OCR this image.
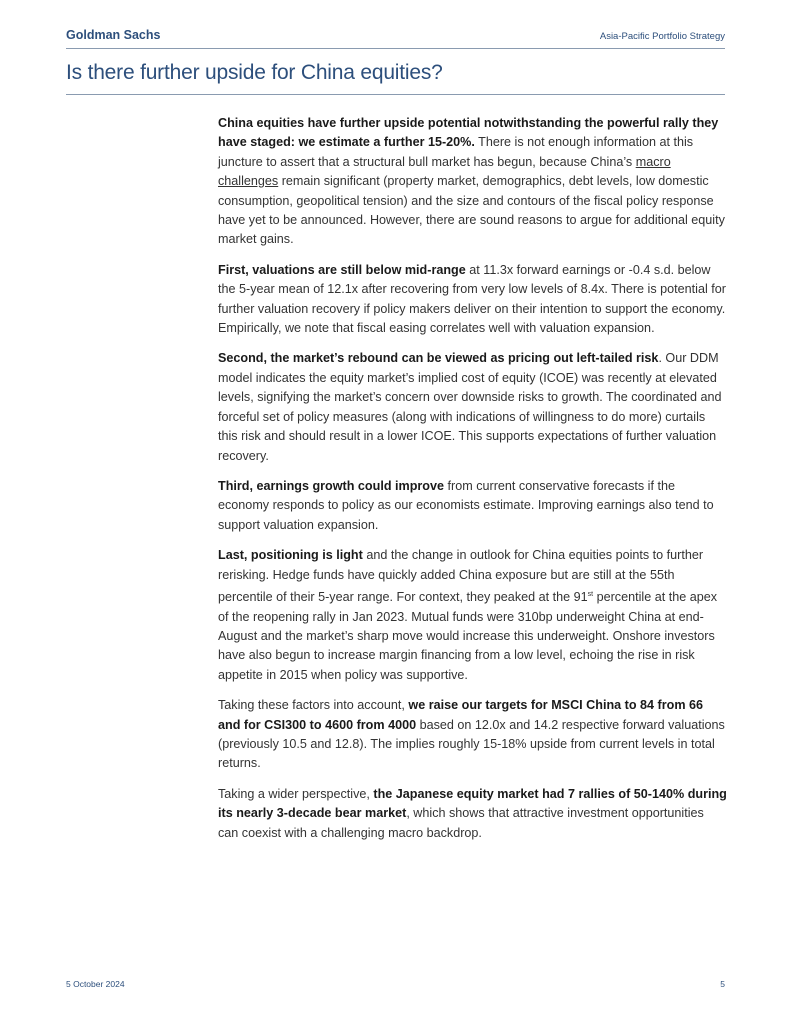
Goldman Sachs	Asia-Pacific Portfolio Strategy
Is there further upside for China equities?

China equities have further upside potential notwithstanding the powerful rally they have staged: we estimate a further 15-20%. There is not enough information at this juncture to assert that a structural bull market has begun, because China’s macro challenges remain significant (property market, demographics, debt levels, low domestic consumption, geopolitical tension) and the size and contours of the fiscal policy response have yet to be announced. However, there are sound reasons to argue for additional equity market gains.

First, valuations are still below mid-range at 11.3x forward earnings or -0.4 s.d. below the 5-year mean of 12.1x after recovering from very low levels of 8.4x. There is potential for further valuation recovery if policy makers deliver on their intention to support the economy. Empirically, we note that fiscal easing correlates well with valuation expansion.

Second, the market’s rebound can be viewed as pricing out left-tailed risk. Our DDM model indicates the equity market’s implied cost of equity (ICOE) was recently at elevated levels, signifying the market’s concern over downside risks to growth. The coordinated and forceful set of policy measures (along with indications of willingness to do more) curtails this risk and should result in a lower ICOE. This supports expectations of further valuation recovery.

Third, earnings growth could improve from current conservative forecasts if the economy responds to policy as our economists estimate. Improving earnings also tend to support valuation expansion.

Last, positioning is light and the change in outlook for China equities points to further rerisking. Hedge funds have quickly added China exposure but are still at the 55th percentile of their 5-year range. For context, they peaked at the 91st percentile at the apex of the reopening rally in Jan 2023. Mutual funds were 310bp underweight China at end-August and the market’s sharp move would increase this underweight. Onshore investors have also begun to increase margin financing from a low level, echoing the rise in risk appetite in 2015 when policy was supportive.

Taking these factors into account, we raise our targets for MSCI China to 84 from 66 and for CSI300 to 4600 from 4000 based on 12.0x and 14.2 respective forward valuations (previously 10.5 and 12.8). The implies roughly 15-18% upside from current levels in total returns.

Taking a wider perspective, the Japanese equity market had 7 rallies of 50-140% during its nearly 3-decade bear market, which shows that attractive investment opportunities can coexist with a challenging macro backdrop.

5 October 2024	5
